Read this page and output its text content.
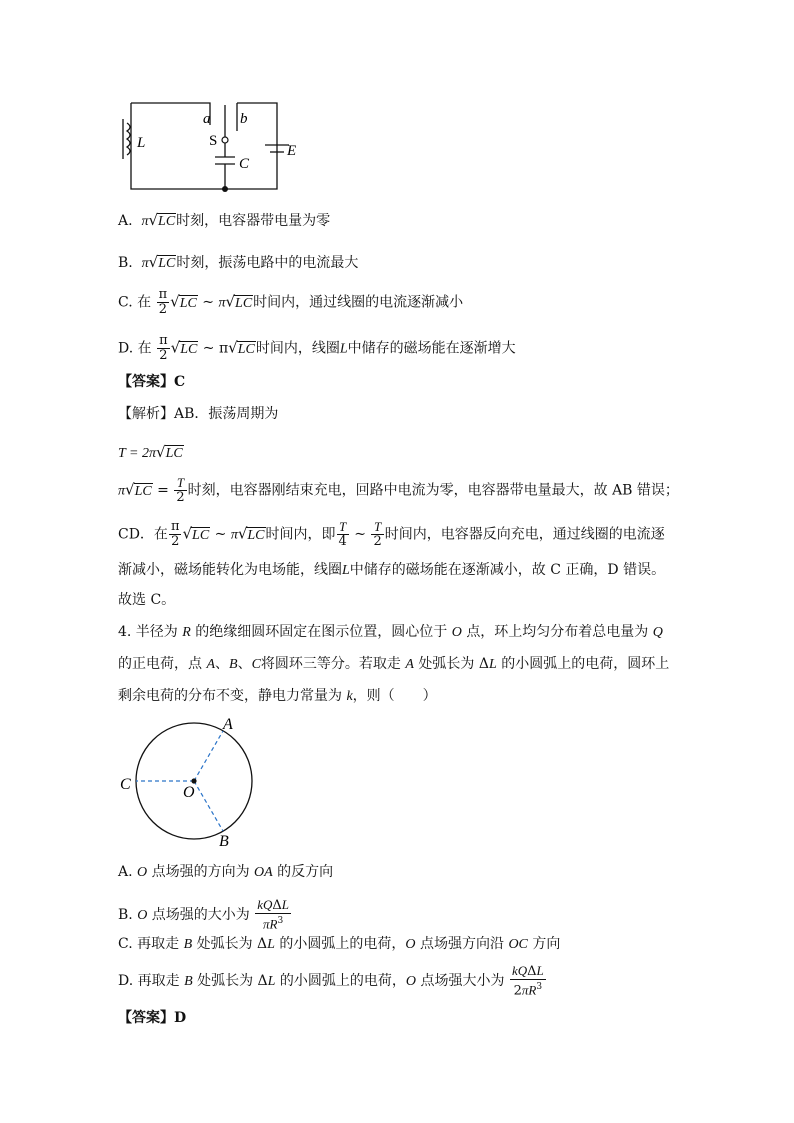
L
a b
S
C
E
A. π√LC时刻，电容器带电量为零
B. π√LC时刻，振荡电路中的电流最大
C. 在 $\frac{\pi}{2} √LC$ ~ π√LC时间内，通过线圈的电流逐渐减小
D. 在 $\frac{\pi}{2} √LC$ ~ π√LC时间内，线圈L中储存的磁场能在逐渐增大
【答案】C
【解析】AB．振荡周期为
T = 2π√LC
$\pi√LC = \frac{T}{2}$ 时刻，电容器刚结束充电，回路中电流为零，电容器带电量最大，故 AB 错误；
CD．在 $\frac{\pi}{2} √LC$ ~ π√LC时间内，即 $\frac{T}{4}$ ~ $\frac{T}{2}$ 时间内，电容器反向充电，通过线圈的电流逐
渐减小，磁场能转化为电场能，线圈L中储存的磁场能在逐渐减小，故 C 正确，D 错误。
故选 C。
4. 半径为 R 的绝缘细圆环固定在图示位置，圆心位于 O 点，环上均匀分布着总电量为 Q
的正电荷，点 A、B、C将圆环三等分。若取走 A 处弧长为 ΔL 的小圆弧上的电荷，圆环上
剩余电荷的分布不变，静电力常量为 k，则（　　）
A
B
C	O
A. O 点场强的方向为 OA 的反方向
B. O 点场强的大小为 $\frac{\text{kQΔL}}{\pi R^3}$
C. 再取走 B 处弧长为 ΔL 的小圆弧上的电荷，O 点场强方向沿 OC 方向
D. 再取走 B 处弧长为 ΔL 的小圆弧上的电荷，O 点场强大小为 $\frac{\text{kQΔL}}{2\pi R^3}$
【答案】D
